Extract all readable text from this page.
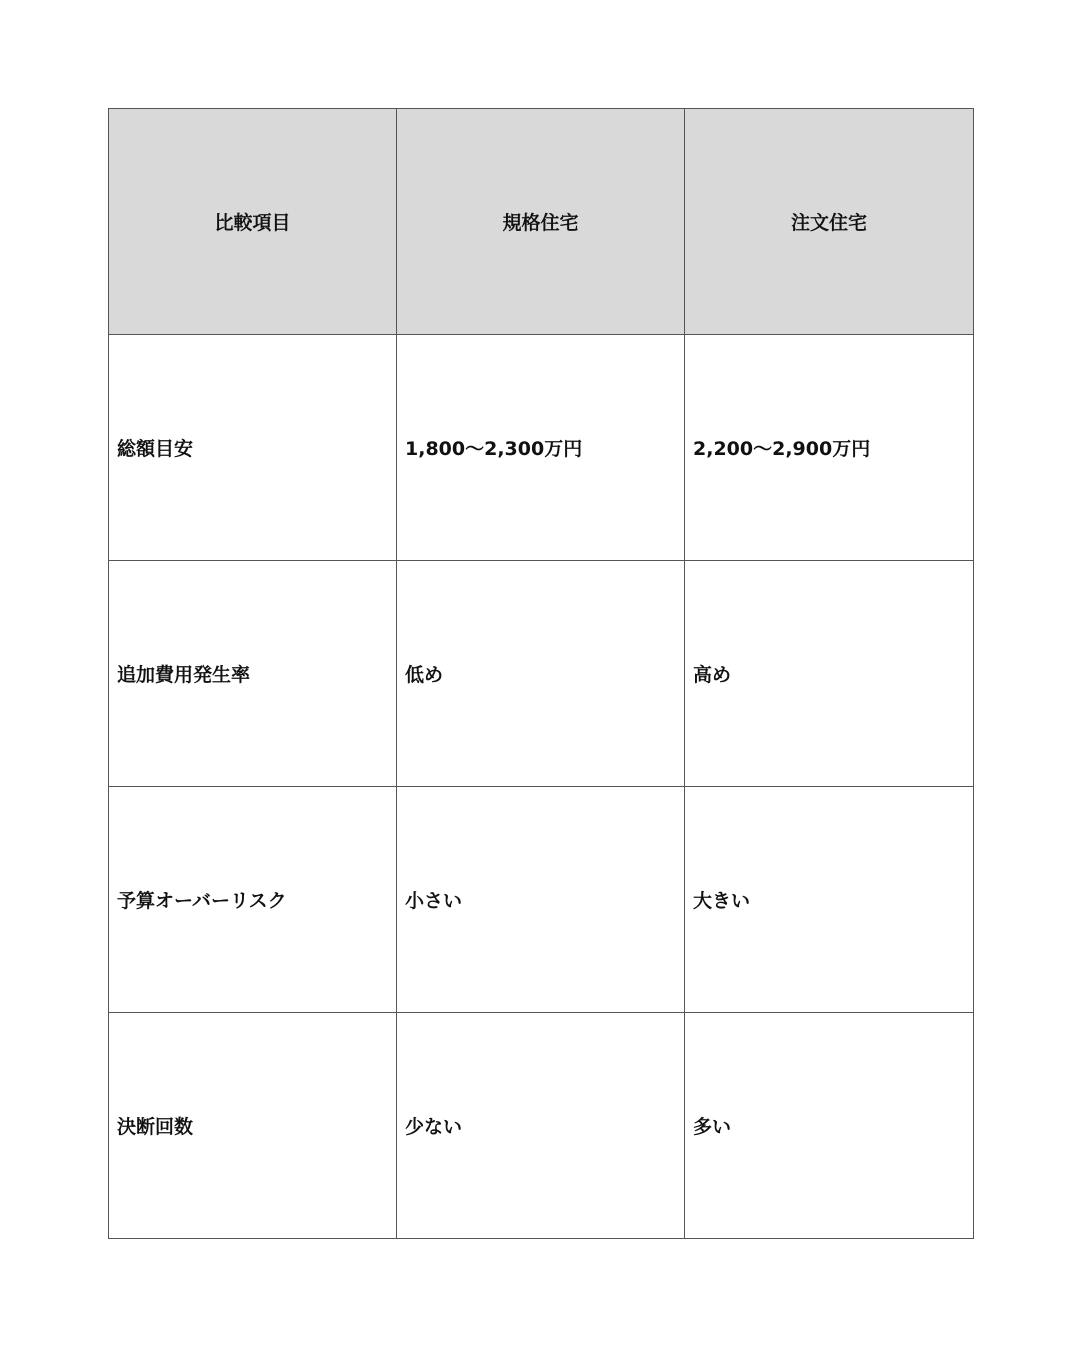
比較項目	規格住宅	注文住宅
総額目安	1,800〜2,300万円	2,200〜2,900万円
追加費用発生率	低め	高め
予算オーバーリスク	小さい	大きい
決断回数	少ない	多い
